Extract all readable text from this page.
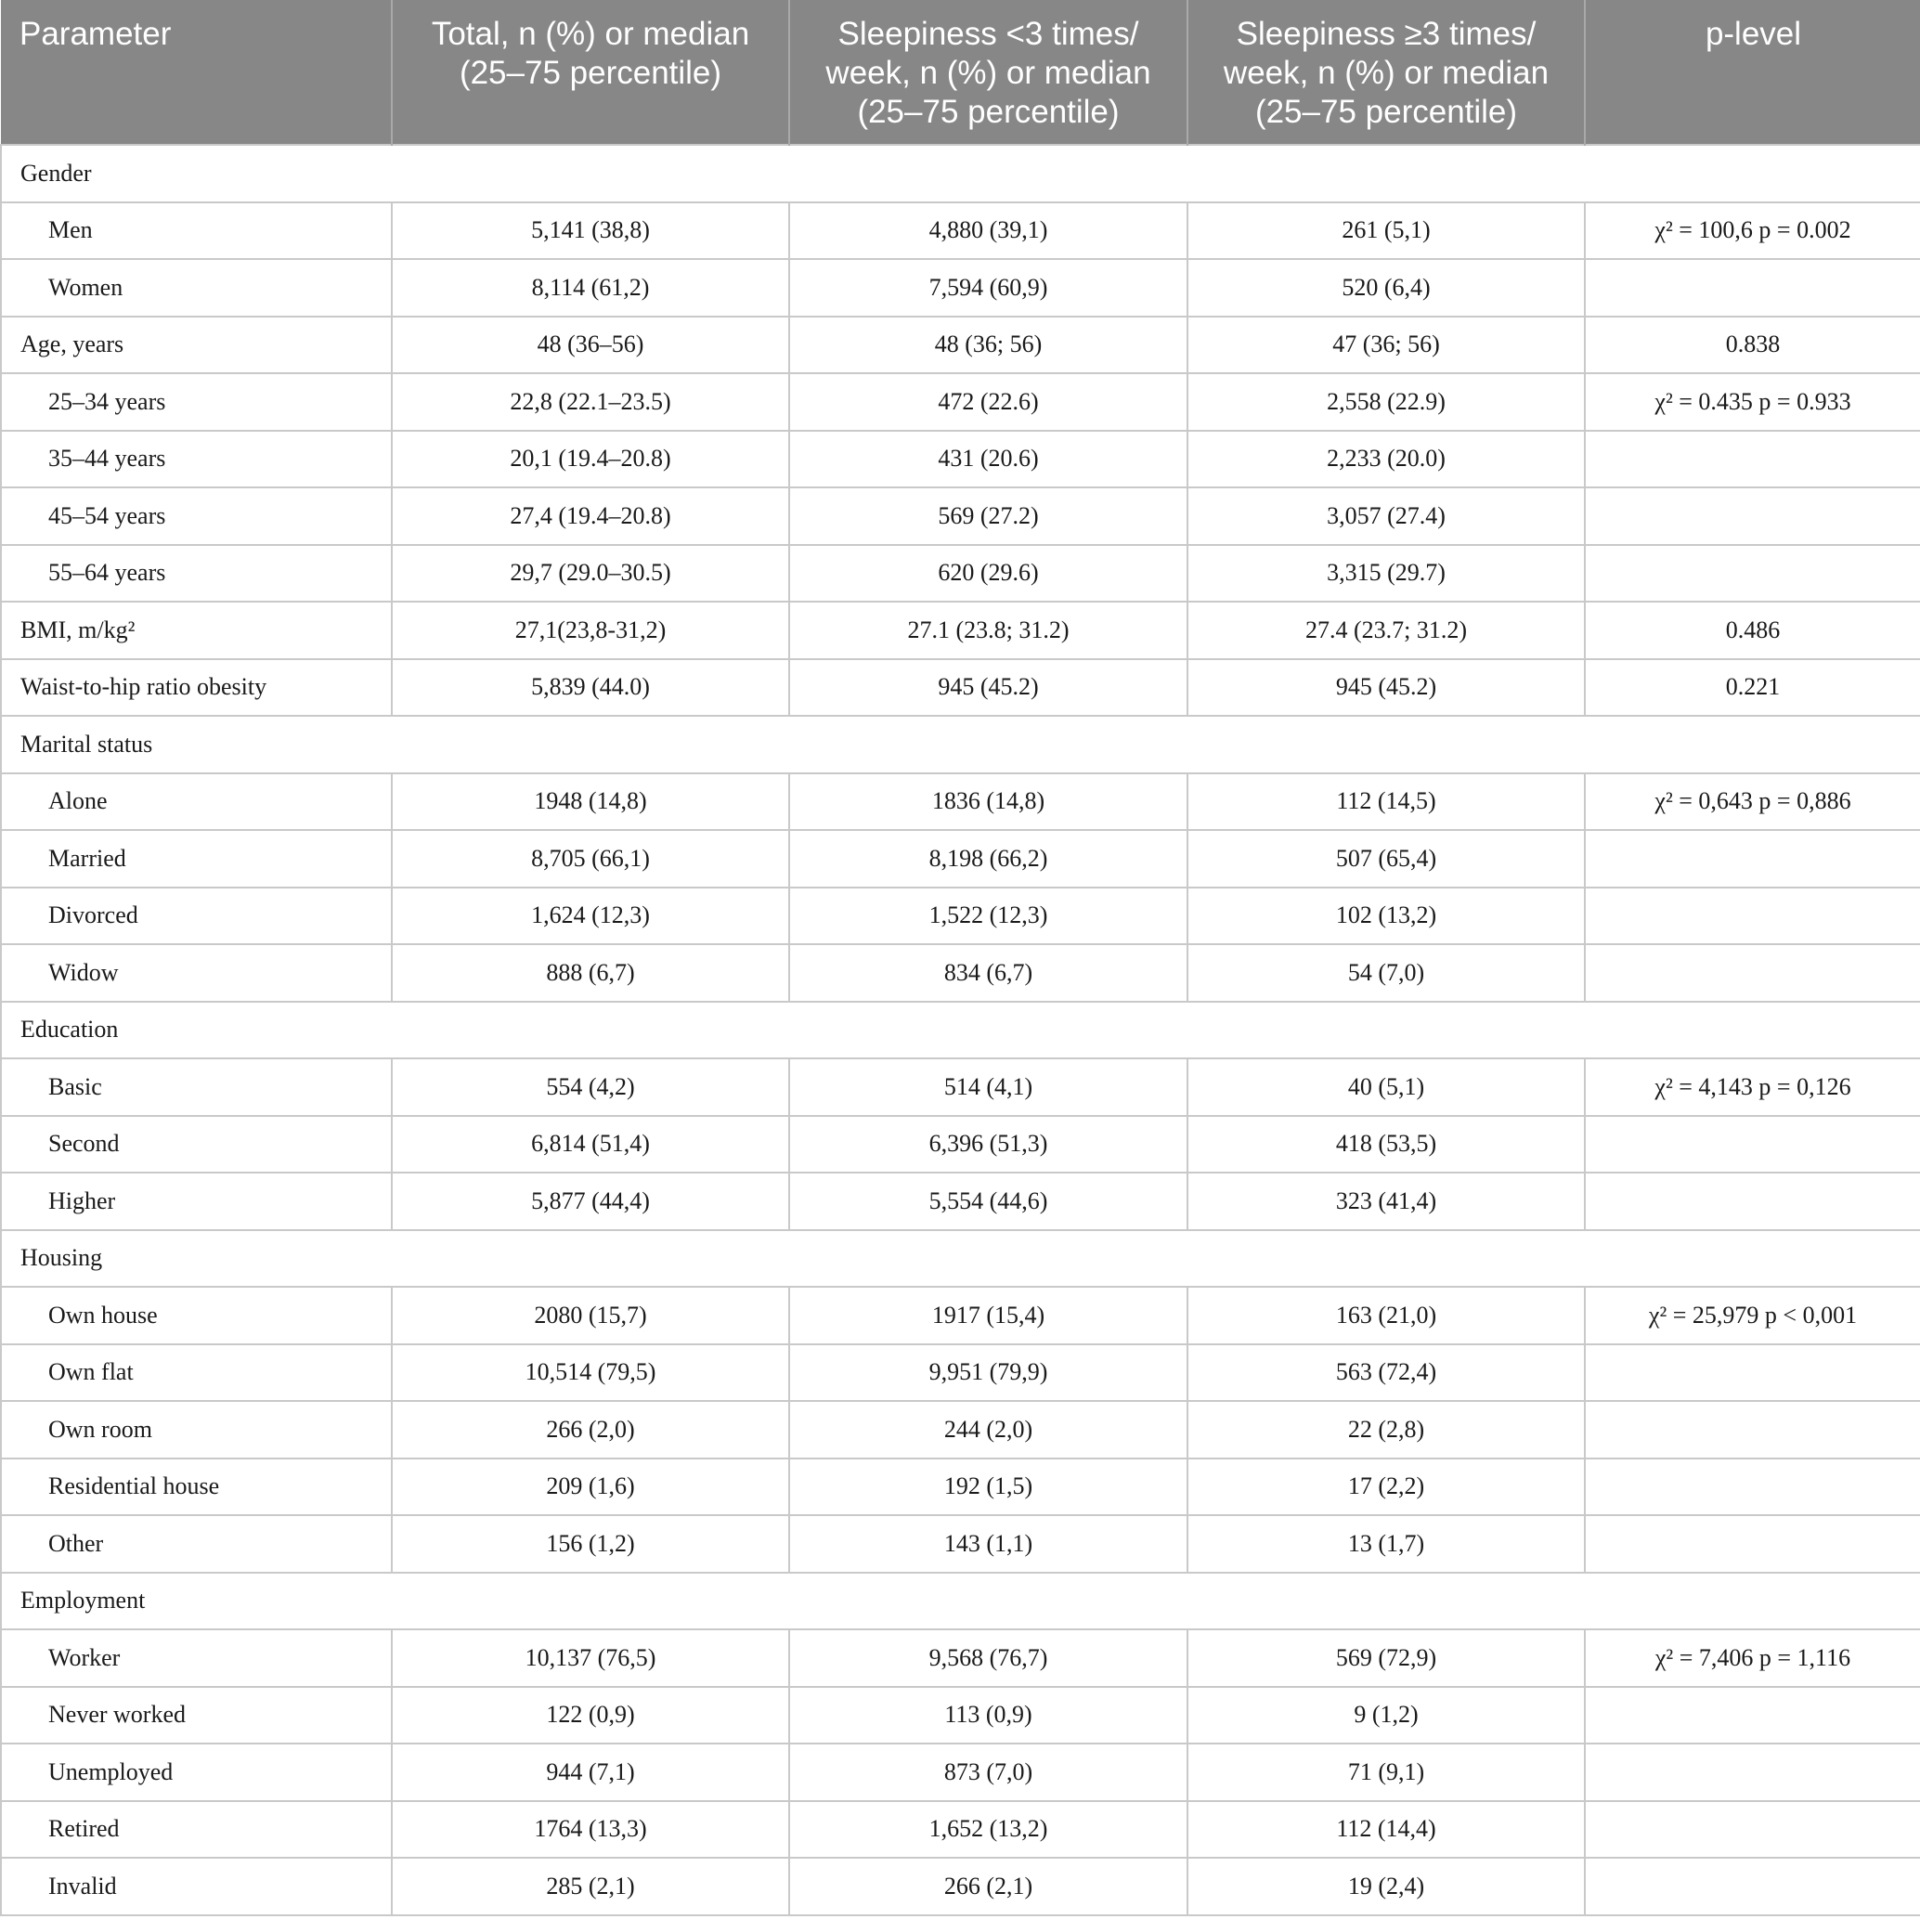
Parameter	Total, n (%) or median (25–75 percentile)	Sleepiness <3 times/ week, n (%) or median (25–75 percentile)	Sleepiness ≥3 times/ week, n (%) or median (25–75 percentile)	p-level
Gender				
Men	5,141 (38,8)	4,880 (39,1)	261 (5,1)	χ² = 100,6 p = 0.002
Women	8,114 (61,2)	7,594 (60,9)	520 (6,4)	
Age, years	48 (36–56)	48 (36; 56)	47 (36; 56)	0.838
25–34 years	22,8 (22.1–23.5)	472 (22.6)	2,558 (22.9)	χ² = 0.435 p = 0.933
35–44 years	20,1 (19.4–20.8)	431 (20.6)	2,233 (20.0)	
45–54 years	27,4 (19.4–20.8)	569 (27.2)	3,057 (27.4)	
55–64 years	29,7 (29.0–30.5)	620 (29.6)	3,315 (29.7)	
BMI, m/kg²	27,1(23,8-31,2)	27.1 (23.8; 31.2)	27.4 (23.7; 31.2)	0.486
Waist-to-hip ratio obesity	5,839 (44.0)	945 (45.2)	945 (45.2)	0.221
Marital status				
Alone	1948 (14,8)	1836 (14,8)	112 (14,5)	χ² = 0,643 p = 0,886
Married	8,705 (66,1)	8,198 (66,2)	507 (65,4)	
Divorced	1,624 (12,3)	1,522 (12,3)	102 (13,2)	
Widow	888 (6,7)	834 (6,7)	54 (7,0)	
Education				
Basic	554 (4,2)	514 (4,1)	40 (5,1)	χ² = 4,143 p = 0,126
Second	6,814 (51,4)	6,396 (51,3)	418 (53,5)	
Higher	5,877 (44,4)	5,554 (44,6)	323 (41,4)	
Housing				
Own house	2080 (15,7)	1917 (15,4)	163 (21,0)	χ² = 25,979 p < 0,001
Own flat	10,514 (79,5)	9,951 (79,9)	563 (72,4)	
Own room	266 (2,0)	244 (2,0)	22 (2,8)	
Residential house	209 (1,6)	192 (1,5)	17 (2,2)	
Other	156 (1,2)	143 (1,1)	13 (1,7)	
Employment				
Worker	10,137 (76,5)	9,568 (76,7)	569 (72,9)	χ² = 7,406 p = 1,116
Never worked	122 (0,9)	113 (0,9)	9 (1,2)	
Unemployed	944 (7,1)	873 (7,0)	71 (9,1)	
Retired	1764 (13,3)	1,652 (13,2)	112 (14,4)	
Invalid	285 (2,1)	266 (2,1)	19 (2,4)	
